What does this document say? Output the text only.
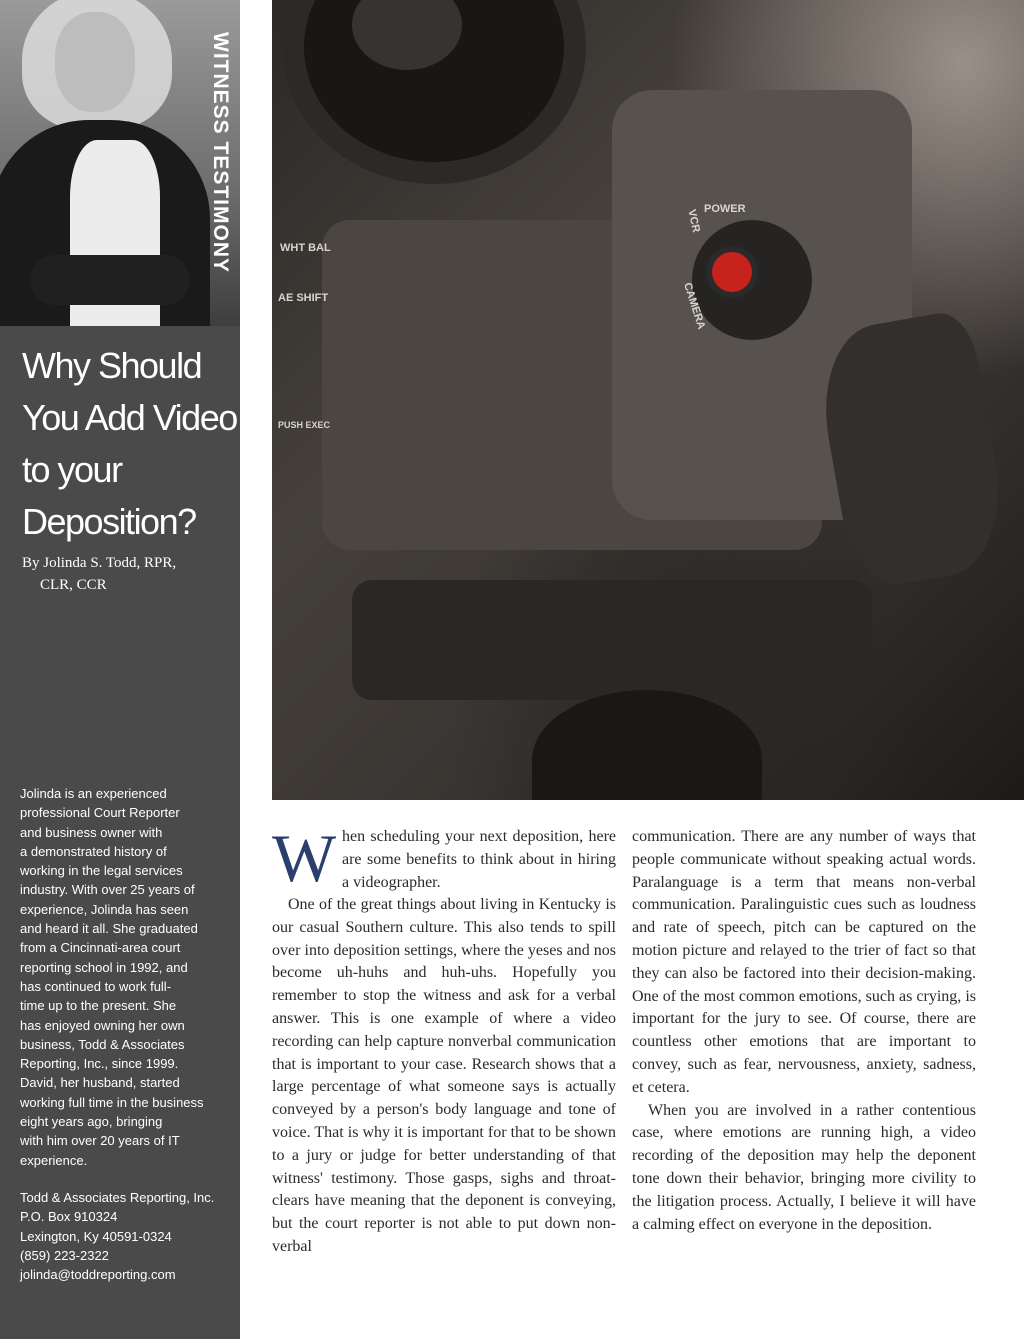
WITNESS TESTIMONY
Why Should You Add Video to your Deposition?
By Jolinda S. Todd, RPR,
CLR, CCR
Jolinda is an experienced
professional Court Reporter
and business owner with
a demonstrated history of
working in the legal services
industry. With over 25 years of
experience, Jolinda has seen
and heard it all. She graduated
from a Cincinnati-area court
reporting school in 1992, and
has continued to work full-
time up to the present. She
has enjoyed owning her own
business, Todd & Associates
Reporting, Inc., since 1999.
David, her husband, started
working full time in the business
eight years ago, bringing
with him over 20 years of IT
experience.
Todd & Associates Reporting, Inc.
P.O. Box 910324
Lexington, Ky 40591-0324
(859) 223-2322
jolinda@toddreporting.com
POWER
VCR
CAMERA
WHT BAL
AE SHIFT
PUSH EXEC
W hen scheduling your next deposition, here are some benefits to think about in hiring a videographer.

One of the great things about living in Kentucky is our casual Southern culture. This also tends to spill over into deposition settings, where the yeses and nos become uh-huhs and huh-uhs. Hopefully you remember to stop the witness and ask for a verbal answer. This is one example of where a video recording can help capture nonverbal communication that is important to your case. Research shows that a large percentage of what someone says is actually conveyed by a person's body language and tone of voice. That is why it is important for that to be shown to a jury or judge for better understanding of that witness' testimony. Those gasps, sighs and throat-clears have meaning that the deponent is conveying, but the court reporter is not able to put down non-verbal

communication. There are any number of ways that people communicate without speaking actual words. Paralanguage is a term that means non-verbal communication. Paralinguistic cues such as loudness and rate of speech, pitch can be captured on the motion picture and relayed to the trier of fact so that they can also be factored into their decision-making. One of the most common emotions, such as crying, is important for the jury to see. Of course, there are countless other emotions that are important to convey, such as fear, nervousness, anxiety, sadness, et cetera.

When you are involved in a rather contentious case, where emotions are running high, a video recording of the deposition may help the deponent tone down their behavior, bringing more civility to the litigation process. Actually, I believe it will have a calming effect on everyone in the deposition.
